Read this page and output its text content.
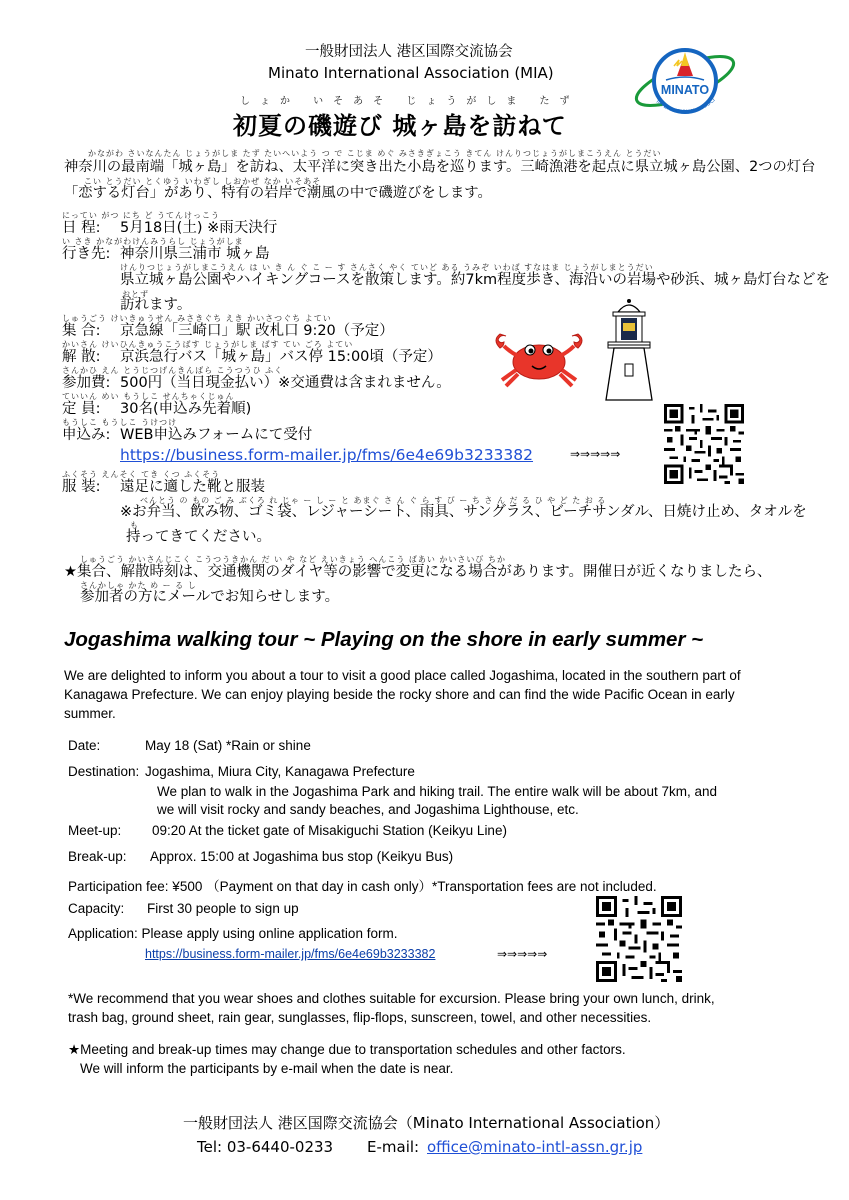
一般財団法人 港区国際交流協会
Minato International Association (MIA)
しょか いそあそ じょうがしま たず
初夏の磯遊び 城ヶ島を訪ねて
MINATO
INTERNATIONAL ASSOCI
かながわ さいなんたん じょうがしま たず たいへいよう つ で こじま めぐ みさきぎょこう きてん けんりつじょうがしまこうえん とうだい
神奈川の最南端「城ヶ島」を訪ね、太平洋に突き出た小島を巡ります。三崎漁港を起点に県立城ヶ島公園、2つの灯台
こい とうだい とくゆう いわぎし しおかぜ なか いそあそ
「恋する灯台」があり、特有の岩岸で潮風の中で磯遊びをします。
にってい がつ にち ど うてんけっこう
日 程: 5月18日(土) ※雨天決行
い さき かながわけんみうらし じょうがしま
行き先: 神奈川県三浦市 城ヶ島
けんりつじょうがしまこうえん は い き ん ぐ こ ー す さんさく やく ていど ある うみぞ いわば すなはま じょうがしまとうだい
県立城ヶ島公園やハイキングコースを散策します。約7km程度歩き、海沿いの岩場や砂浜、城ヶ島灯台などを
おとず
訪れます。
しゅうごう けいきゅうせん みさきぐち えき かいさつぐち よてい
集 合: 京急線「三崎口」駅 改札口 9:20（予定）
かいさん けいひんきゅうこうばす じょうがしま ばす てい ごろ よてい
解 散: 京浜急行バス「城ヶ島」バス停 15:00頃（予定）
さんかひ えん とうじつげんきんばら こうつうひ ふく
参加費: 500円（当日現金払い）※交通費は含まれません。
ていいん めい もうしこ せんちゃくじゅん
定 員: 30名(申込み先着順)
もうしこ もうしこ うけつけ
申込み: WEB申込みフォームにて受付
https://business.form-mailer.jp/fms/6e4e69b3233382	⇒⇒⇒⇒⇒
ふくそう えんそく てき くつ ふくそう
服 装: 遠足に適した靴と服装
べんとう の もの ご み ぶくろ れ じゃ ー し ー と あまぐ さ ん ぐ ら す び ー ち さ ん だ る ひ や ど た お る
※お弁当、飲み物、ゴミ袋、レジャーシート、雨具、サングラス、ビーチサンダル、日焼け止め、タオルを
も
持ってきてください。
しゅうごう かいさんじこく こうつうきかん だ い や など えいきょう へんこう ばあい かいさいび ちか
★集合、解散時刻は、交通機関のダイヤ等の影響で変更になる場合があります。開催日が近くなりましたら、
さんかしゃ かた め ー る し
参加者の方にメールでお知らせします。
Jogashima walking tour ~ Playing on the shore in early summer ~
We are delighted to inform you about a tour to visit a good place called Jogashima, located in the southern part of
Kanagawa Prefecture. We can enjoy playing beside the rocky shore and can find the wide Pacific Ocean in early
summer.
Date:	May 18 (Sat) *Rain or shine
Destination: Jogashima, Miura City, Kanagawa Prefecture
We plan to walk in the Jogashima Park and hiking trail. The entire walk will be about 7km, and
we will visit rocky and sandy beaches, and Jogashima Lighthouse, etc.
Meet-up: 09:20 At the ticket gate of Misakiguchi Station (Keikyu Line)
Break-up: Approx. 15:00 at Jogashima bus stop (Keikyu Bus)
Participation fee: ¥500 （Payment on that day in cash only）*Transportation fees are not included.
Capacity: First 30 people to sign up
Application: Please apply using online application form.
https://business.form-mailer.jp/fms/6e4e69b3233382	⇒⇒⇒⇒⇒
*We recommend that you wear shoes and clothes suitable for excursion. Please bring your own lunch, drink,
trash bag, ground sheet, rain gear, sunglasses, flip-flops, sunscreen, towel, and other necessities.
★Meeting and break-up times may change due to transportation schedules and other factors.
We will inform the participants by e-mail when the date is near.
一般財団法人 港区国際交流協会（Minato International Association）
Tel: 03-6440-0233 E-mail: office@minato-intl-assn.gr.jp
